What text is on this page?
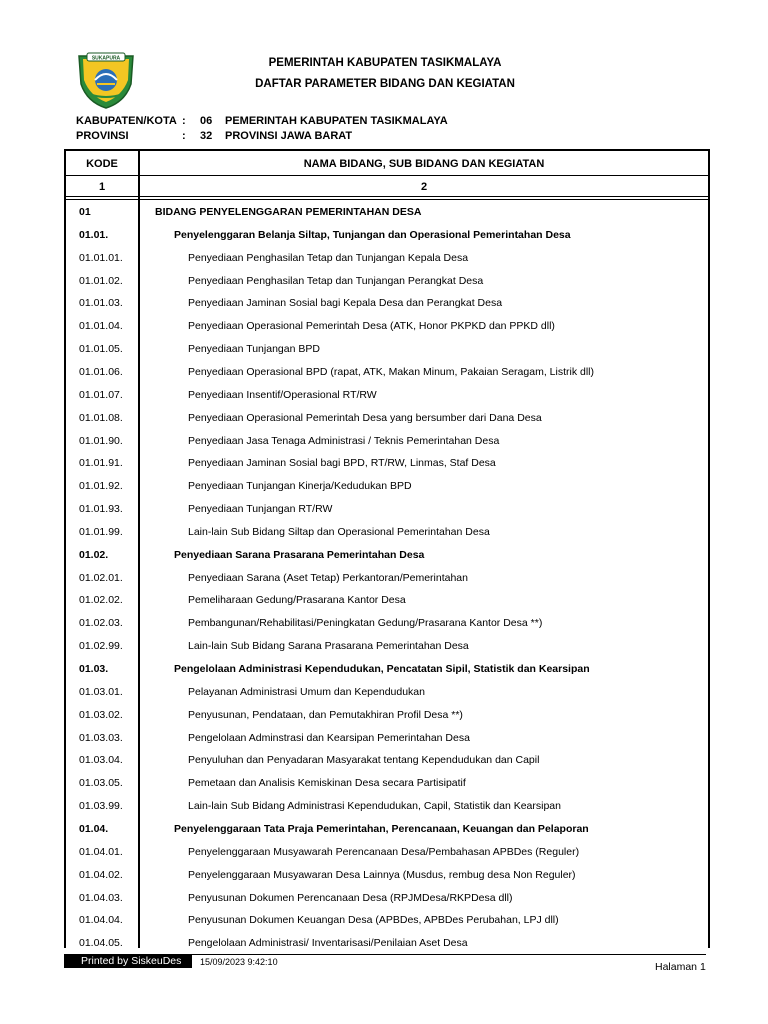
SUKAPURA	PEMERINTAH KABUPATEN TASIKMALAYA
DAFTAR PARAMETER BIDANG DAN KEGIATAN
KABUPATEN/KOTA : 06 PEMERINTAH KABUPATEN TASIKMALAYA
PROVINSI	: 32 PROVINSI JAWA BARAT
KODE	NAMA BIDANG, SUB BIDANG DAN KEGIATAN
1	2
01	BIDANG PENYELENGGARAN PEMERINTAHAN DESA
01.01.	Penyelenggaran Belanja Siltap, Tunjangan dan Operasional Pemerintahan Desa
01.01.01.	Penyediaan Penghasilan Tetap dan Tunjangan Kepala Desa
01.01.02.	Penyediaan Penghasilan Tetap dan Tunjangan Perangkat Desa
01.01.03.	Penyediaan Jaminan Sosial bagi Kepala Desa dan Perangkat Desa
01.01.04.	Penyediaan Operasional Pemerintah Desa (ATK, Honor PKPKD dan PPKD dll)
01.01.05.	Penyediaan Tunjangan BPD
01.01.06.	Penyediaan Operasional BPD (rapat, ATK, Makan Minum, Pakaian Seragam, Listrik dll)
01.01.07.	Penyediaan Insentif/Operasional RT/RW
01.01.08.	Penyediaan Operasional Pemerintah Desa yang bersumber dari Dana Desa
01.01.90.	Penyediaan Jasa Tenaga Administrasi / Teknis Pemerintahan Desa
01.01.91.	Penyediaan Jaminan Sosial bagi BPD, RT/RW, Linmas, Staf Desa
01.01.92.	Penyediaan Tunjangan Kinerja/Kedudukan BPD
01.01.93.	Penyediaan Tunjangan RT/RW
01.01.99.	Lain-lain Sub Bidang Siltap dan Operasional Pemerintahan Desa
01.02.	Penyediaan Sarana Prasarana Pemerintahan Desa
01.02.01.	Penyediaan Sarana (Aset Tetap) Perkantoran/Pemerintahan
01.02.02.	Pemeliharaan Gedung/Prasarana Kantor Desa
01.02.03.	Pembangunan/Rehabilitasi/Peningkatan Gedung/Prasarana Kantor Desa **)
01.02.99.	Lain-lain Sub Bidang Sarana Prasarana Pemerintahan Desa
01.03.	Pengelolaan Administrasi Kependudukan, Pencatatan Sipil, Statistik dan Kearsipan
01.03.01.	Pelayanan Administrasi Umum dan Kependudukan
01.03.02.	Penyusunan, Pendataan, dan Pemutakhiran Profil Desa **)
01.03.03.	Pengelolaan Adminstrasi dan Kearsipan Pemerintahan Desa
01.03.04.	Penyuluhan dan Penyadaran Masyarakat tentang Kependudukan dan Capil
01.03.05.	Pemetaan dan Analisis Kemiskinan Desa secara Partisipatif
01.03.99.	Lain-lain Sub Bidang Administrasi Kependudukan, Capil, Statistik dan Kearsipan
01.04.	Penyelenggaraan Tata Praja Pemerintahan, Perencanaan, Keuangan dan Pelaporan
01.04.01.	Penyelenggaraan Musyawarah Perencanaan Desa/Pembahasan APBDes (Reguler)
01.04.02.	Penyelenggaraan Musyawaran Desa Lainnya (Musdus, rembug desa Non Reguler)
01.04.03.	Penyusunan Dokumen Perencanaan Desa (RPJMDesa/RKPDesa dll)
01.04.04.	Penyusunan Dokumen Keuangan Desa (APBDes, APBDes Perubahan, LPJ dll)
01.04.05.	Pengelolaan Administrasi/ Inventarisasi/Penilaian Aset Desa
Printed by SiskeuDes	15/09/2023 9:42:10	Halaman 1
